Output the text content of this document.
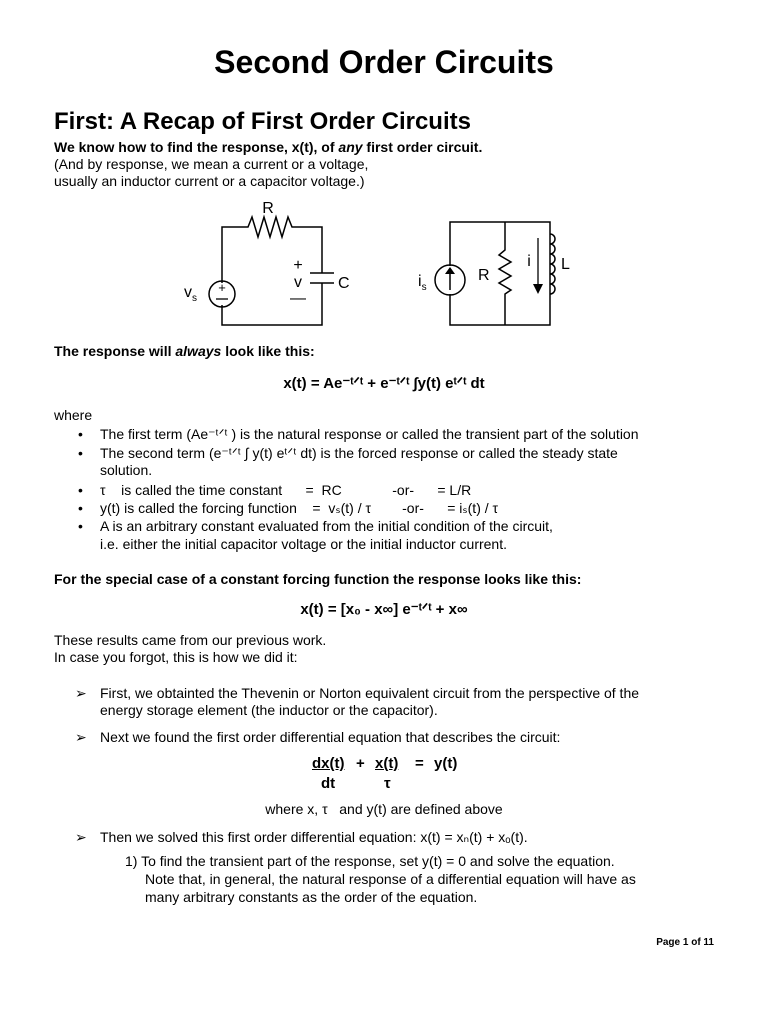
Second Order Circuits
First: A Recap of First Order Circuits
We know how to find the response, x(t), of any first order circuit.
(And by response, we mean a current or a voltage,
usually an inductor current or a capacitor voltage.)
+
R
$v_s$
+
v
—
C	$i_s$
R
i L
The response will always look like this:
x(t) = Ae⁻ᵗᐟᵗ + e⁻ᵗᐟᵗ ∫y(t) eᵗᐟᵗ dt
where
• The first term (Ae⁻ᵗᐟᵗ ) is the natural response or called the transient part of the solution
• The second term (e⁻ᵗᐟᵗ ∫ y(t) eᵗᐟᵗ dt) is the forced response or called the steady state
solution.
• τ    is called the time constant      =  RC             -or-      = L/R
• y(t) is called the forcing function    =  vₛ(t) / τ        -or-      = iₛ(t) / τ
• A is an arbitrary constant evaluated from the initial condition of the circuit,
i.e. either the initial capacitor voltage or the initial inductor current.
For the special case of a constant forcing function the response looks like this:
x(t) = [x₀ - x∞] e⁻ᵗᐟᵗ + x∞
These results came from our previous work.
In case you forgot, this is how we did it:
➢ First, we obtainted the Thevenin or Norton equivalent circuit from the perspective of the
energy storage element (the inductor or the capacitor).
➢ Next we found the first order differential equation that describes the circuit:
dx(t) + x(t) = y(t)
dt	τ
where x, τ   and y(t) are defined above
➢ Then we solved this first order differential equation: x(t) = xₙ(t) + xₒ(t).
1) To find the transient part of the response, set y(t) = 0 and solve the equation.
Note that, in general, the natural response of a differential equation will have as
many arbitrary constants as the order of the equation.
Page 1 of 11
